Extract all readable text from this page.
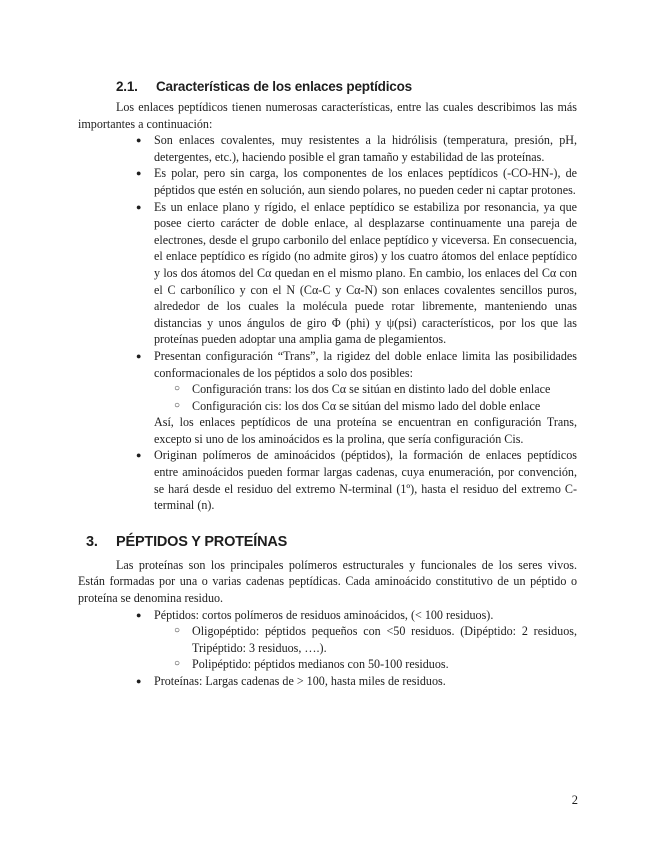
2.1.	Características de los enlaces peptídicos

Los enlaces peptídicos tienen numerosas características, entre las cuales describimos las más importantes a continuación:

● Son enlaces covalentes, muy resistentes a la hidrólisis (temperatura, presión, pH, detergentes, etc.), haciendo posible el gran tamaño y estabilidad de las proteínas.
● Es polar, pero sin carga, los componentes de los enlaces peptídicos (-CO-HN-), de péptidos que estén en solución, aun siendo polares, no pueden ceder ni captar protones.
● Es un enlace plano y rígido, el enlace peptídico se estabiliza por resonancia, ya que posee cierto carácter de doble enlace, al desplazarse continuamente una pareja de electrones, desde el grupo carbonilo del enlace peptídico y viceversa. En consecuencia, el enlace peptídico es rígido (no admite giros) y los cuatro átomos del enlace peptídico y los dos átomos del Cα quedan en el mismo plano. En cambio, los enlaces del Cα con el C carbonílico y con el N (Cα-C y Cα-N) son enlaces covalentes sencillos puros, alrededor de los cuales la molécula puede rotar libremente, manteniendo unas distancias y unos ángulos de giro Φ (phi) y ψ(psi) característicos, por los que las proteínas pueden adoptar una amplia gama de plegamientos.
● Presentan configuración “Trans”, la rigidez del doble enlace limita las posibilidades conformacionales de los péptidos a solo dos posibles:
○ Configuración trans: los dos Cα se sitúan en distinto lado del doble enlace
○ Configuración cis: los dos Cα se sitúan del mismo lado del doble enlace

Así, los enlaces peptídicos de una proteína se encuentran en configuración Trans, excepto si uno de los aminoácidos es la prolina, que sería configuración Cis.

● Originan polímeros de aminoácidos (péptidos), la formación de enlaces peptídicos entre aminoácidos pueden formar largas cadenas, cuya enumeración, por convención, se hará desde el residuo del extremo N-terminal (1º), hasta el residuo del extremo C-terminal (n).
3.	PÉPTIDOS Y PROTEÍNAS

Las proteínas son los principales polímeros estructurales y funcionales de los seres vivos. Están formadas por una o varias cadenas peptídicas. Cada aminoácido constitutivo de un péptido o proteína se denomina residuo.

● Péptidos: cortos polímeros de residuos aminoácidos, (< 100 residuos).
○ Oligopéptido: péptidos pequeños con <50 residuos. (Dipéptido: 2 residuos, Tripéptido: 3 residuos, ….).
○ Polipéptido: péptidos medianos con 50-100 residuos.
● Proteínas: Largas cadenas de > 100, hasta miles de residuos.
2
